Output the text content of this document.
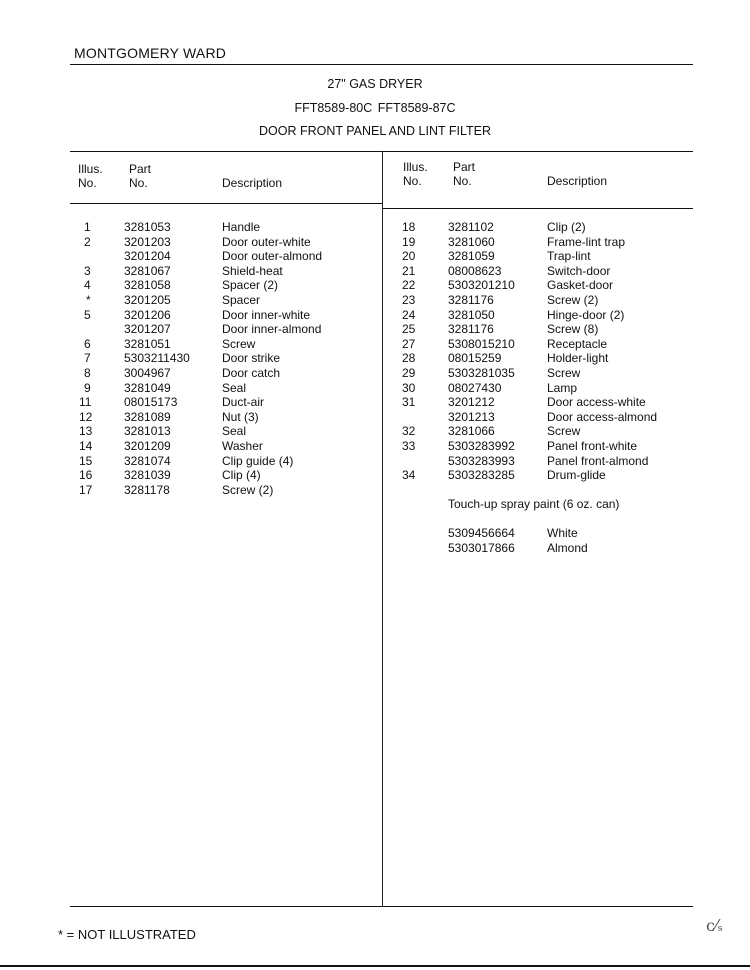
MONTGOMERY WARD
27" GAS DRYER
FFT8589-80C FFT8589-87C
DOOR FRONT PANEL AND LINT FILTER
Illus.
No.
Part
No.	Description
Illus.
No.
Part
No.	Description
1	3281053	Handle
2	3201203	Door outer-white
3201204	Door outer-almond
3	3281067	Shield-heat
4	3281058	Spacer (2)
*	3201205	Spacer
5	3201206	Door inner-white
3201207	Door inner-almond
6	3281051	Screw
7	5303211430	Door strike
8	3004967	Door catch
9	3281049	Seal
11	08015173	Duct-air
12	3281089	Nut (3)
13	3281013	Seal
14	3201209	Washer
15	3281074	Clip guide (4)
16	3281039	Clip (4)
17	3281178	Screw (2)
18	3281102	Clip (2)
19	3281060	Frame-lint trap
20	3281059	Trap-lint
21	08008623	Switch-door
22	5303201210	Gasket-door
23	3281176	Screw (2)
24	3281050	Hinge-door (2)
25	3281176	Screw (8)
27	5308015210	Receptacle
28	08015259	Holder-light
29	5303281035	Screw
30	08027430	Lamp
31	3201212	Door access-white
3201213	Door access-almond
32	3281066	Screw
33	5303283992	Panel front-white
5303283993	Panel front-almond
34	5303283285	Drum-glide
Touch-up spray paint (6 oz. can)
5309456664	White
5303017866	Almond
* = NOT ILLUSTRATED	ⅽ⁄ₛ
